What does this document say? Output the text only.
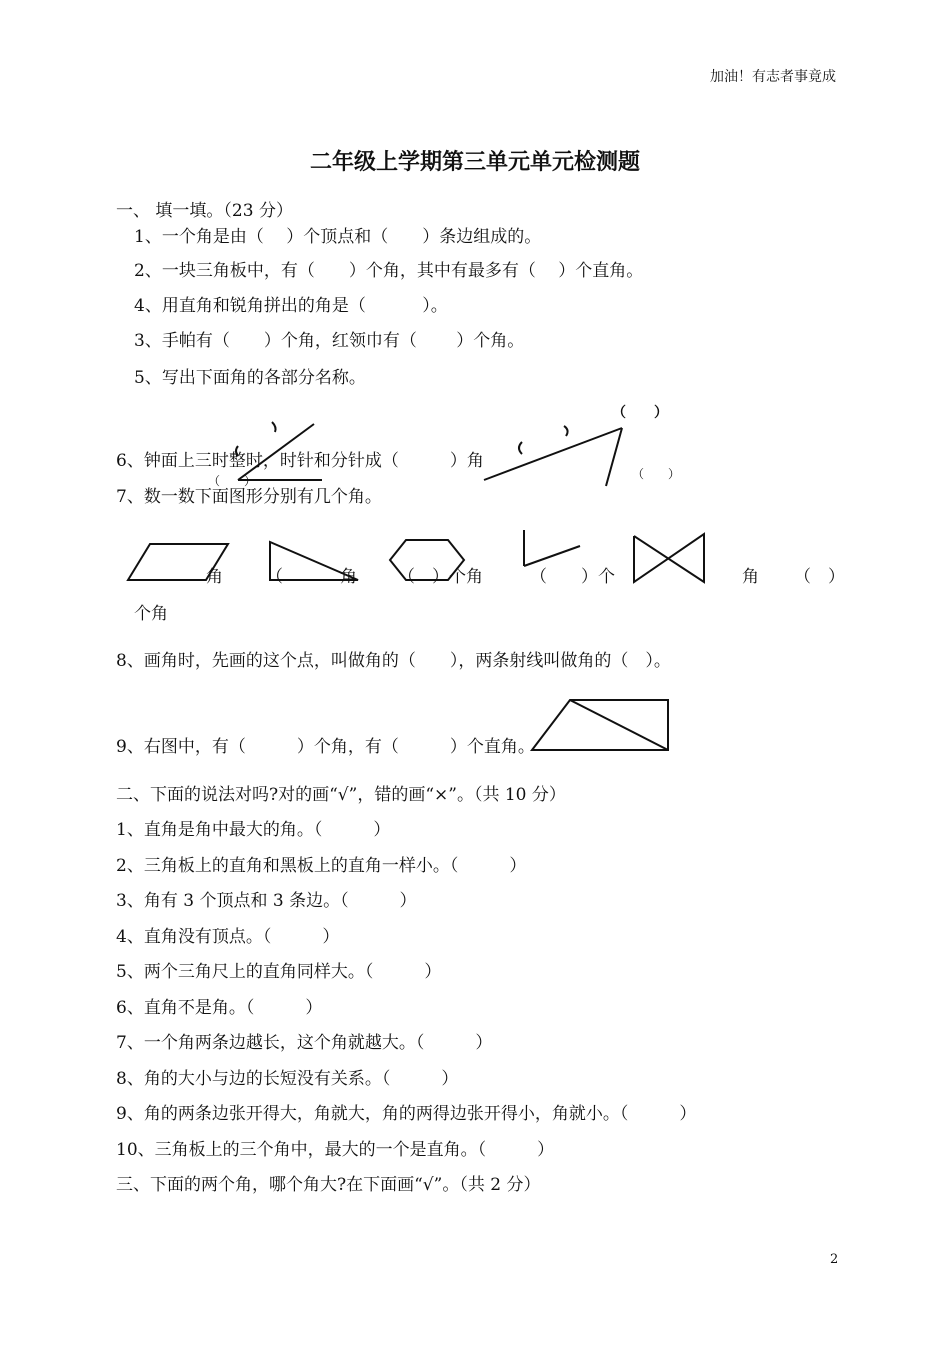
加油！有志者事竟成
二年级上学期第三单元单元检测题
一、 填一填。（23 分）
1、一个角是由（　 ）个顶点和（　　）条边组成的。
2、一块三角板中，有（　　）个角，其中有最多有（　 ）个直角。
4、用直角和锐角拼出的角是（　　　 ）。
3、手帕有（　　）个角，红领巾有（　　 ）个角。
5、写出下面角的各部分名称。
（　　）
6、钟面上三时整时，时针和分针成（　　　）角
（　　）
（　　）
7、数一数下面图形分别有几个角。
角	（	角 （　）个角	（　　）个	角 （　）
个角
8、画角时，先画的这个点，叫做角的（　　），两条射线叫做角的（　）。
9、右图中，有（　　　）个角，有（　　　）个直角。
二、下面的说法对吗?对的画“√”，错的画“×”。（共 10 分）
1、直角是角中最大的角。（　　　）
2、三角板上的直角和黑板上的直角一样小。（　　　）
3、角有 3 个顶点和 3 条边。（　　　）
4、直角没有顶点。（　　　）
5、两个三角尺上的直角同样大。（　　　）
6、直角不是角。（　　　）
7、一个角两条边越长，这个角就越大。（　　　）
8、角的大小与边的长短没有关系。（　　　）
9、角的两条边张开得大，角就大，角的两得边张开得小，角就小。（　　　）
10、三角板上的三个角中，最大的一个是直角。（　　　）
三、下面的两个角，哪个角大?在下面画“√”。（共 2 分）
2
